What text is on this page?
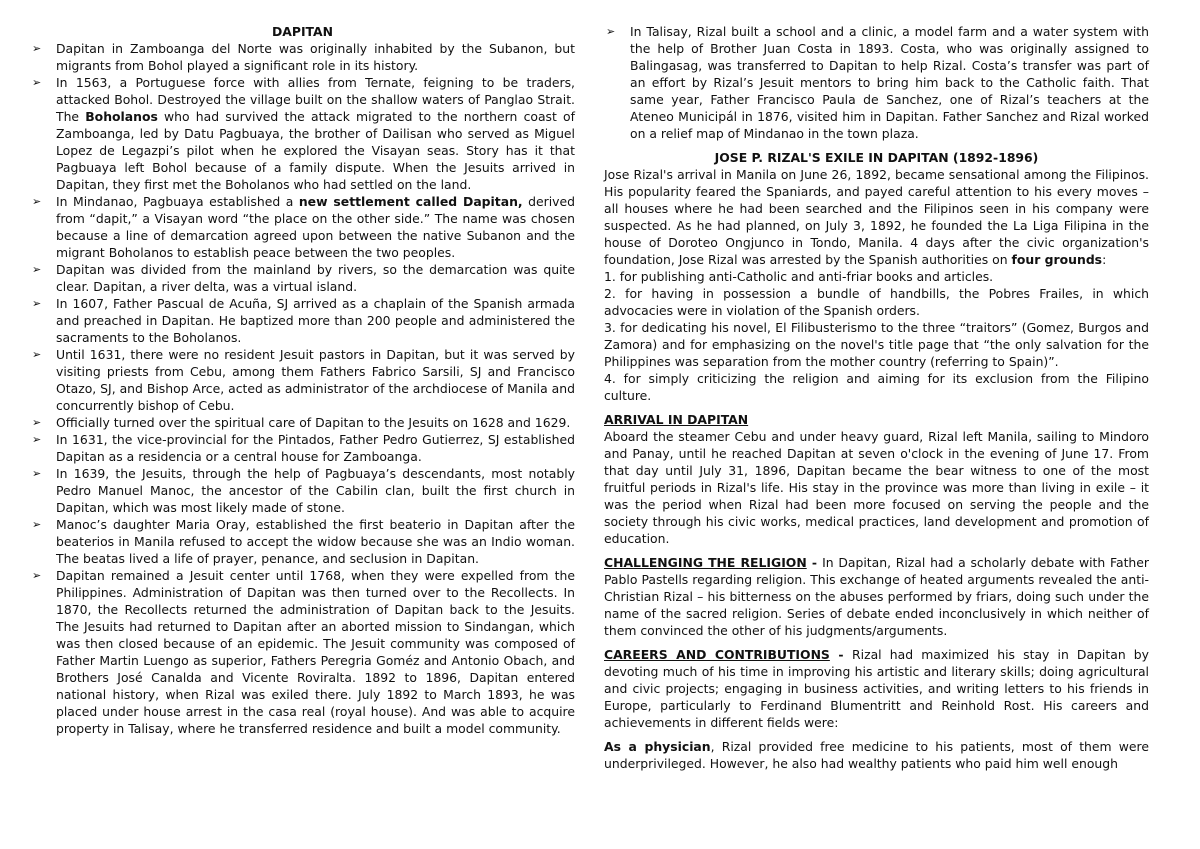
DAPITAN
➢ Dapitan in Zamboanga del Norte was originally inhabited by the Subanon, but migrants from Bohol played a significant role in its history.
➢ In 1563, a Portuguese force with allies from Ternate, feigning to be traders, attacked Bohol. Destroyed the village built on the shallow waters of Panglao Strait. The Boholanos who had survived the attack migrated to the northern coast of Zamboanga, led by Datu Pagbuaya, the brother of Dailisan who served as Miguel Lopez de Legazpi’s pilot when he explored the Visayan seas. Story has it that Pagbuaya left Bohol because of a family dispute. When the Jesuits arrived in Dapitan, they first met the Boholanos who had settled on the land.
➢ In Mindanao, Pagbuaya established a new settlement called Dapitan, derived from “dapit,” a Visayan word “the place on the other side.” The name was chosen because a line of demarcation agreed upon between the native Subanon and the migrant Boholanos to establish peace between the two peoples.
➢ Dapitan was divided from the mainland by rivers, so the demarcation was quite clear. Dapitan, a river delta, was a virtual island.
➢ In 1607, Father Pascual de Acuña, SJ arrived as a chaplain of the Spanish armada and preached in Dapitan. He baptized more than 200 people and administered the sacraments to the Boholanos.
➢ Until 1631, there were no resident Jesuit pastors in Dapitan, but it was served by visiting priests from Cebu, among them Fathers Fabrico Sarsili, SJ and Francisco Otazo, SJ, and Bishop Arce, acted as administrator of the archdiocese of Manila and concurrently bishop of Cebu.
➢ Officially turned over the spiritual care of Dapitan to the Jesuits on 1628 and 1629.
➢ In 1631, the vice-provincial for the Pintados, Father Pedro Gutierrez, SJ established Dapitan as a residencia or a central house for Zamboanga.
➢ In 1639, the Jesuits, through the help of Pagbuaya’s descendants, most notably Pedro Manuel Manoc, the ancestor of the Cabilin clan, built the first church in Dapitan, which was most likely made of stone.
➢ Manoc’s daughter Maria Oray, established the first beaterio in Dapitan after the beaterios in Manila refused to accept the widow because she was an Indio woman. The beatas lived a life of prayer, penance, and seclusion in Dapitan.
➢ Dapitan remained a Jesuit center until 1768, when they were expelled from the Philippines. Administration of Dapitan was then turned over to the Recollects. In 1870, the Recollects returned the administration of Dapitan back to the Jesuits. The Jesuits had returned to Dapitan after an aborted mission to Sindangan, which was then closed because of an epidemic. The Jesuit community was composed of Father Martin Luengo as superior, Fathers Peregria Goméz and Antonio Obach, and Brothers José Canalda and Vicente Roviralta. 1892 to 1896, Dapitan entered national history, when Rizal was exiled there. July 1892 to March 1893, he was placed under house arrest in the casa real (royal house). And was able to acquire property in Talisay, where he transferred residence and built a model community.
➢ In Talisay, Rizal built a school and a clinic, a model farm and a water system with the help of Brother Juan Costa in 1893. Costa, who was originally assigned to Balingasag, was transferred to Dapitan to help Rizal. Costa’s transfer was part of an effort by Rizal’s Jesuit mentors to bring him back to the Catholic faith. That same year, Father Francisco Paula de Sanchez, one of Rizal’s teachers at the Ateneo Municipál in 1876, visited him in Dapitan. Father Sanchez and Rizal worked on a relief map of Mindanao in the town plaza.
JOSE P. RIZAL'S EXILE IN DAPITAN (1892-1896)

Jose Rizal's arrival in Manila on June 26, 1892, became sensational among the Filipinos. His popularity feared the Spaniards, and payed careful attention to his every moves – all houses where he had been searched and the Filipinos seen in his company were suspected. As he had planned, on July 3, 1892, he founded the La Liga Filipina in the house of Doroteo Ongjunco in Tondo, Manila. 4 days after the civic organization's foundation, Jose Rizal was arrested by the Spanish authorities on four grounds:

1. for publishing anti-Catholic and anti-friar books and articles.

2. for having in possession a bundle of handbills, the Pobres Frailes, in which advocacies were in violation of the Spanish orders.

3. for dedicating his novel, El Filibusterismo to the three “traitors” (Gomez, Burgos and Zamora) and for emphasizing on the novel's title page that “the only salvation for the Philippines was separation from the mother country (referring to Spain)”.

4. for simply criticizing the religion and aiming for its exclusion from the Filipino culture.

ARRIVAL IN DAPITAN

Aboard the steamer Cebu and under heavy guard, Rizal left Manila, sailing to Mindoro and Panay, until he reached Dapitan at seven o'clock in the evening of June 17. From that day until July 31, 1896, Dapitan became the bear witness to one of the most fruitful periods in Rizal's life. His stay in the province was more than living in exile – it was the period when Rizal had been more focused on serving the people and the society through his civic works, medical practices, land development and promotion of education.

CHALLENGING THE RELIGION - In Dapitan, Rizal had a scholarly debate with Father Pablo Pastells regarding religion. This exchange of heated arguments revealed the anti-Christian Rizal – his bitterness on the abuses performed by friars, doing such under the name of the sacred religion. Series of debate ended inconclusively in which neither of them convinced the other of his judgments/arguments.

CAREERS AND CONTRIBUTIONS - Rizal had maximized his stay in Dapitan by devoting much of his time in improving his artistic and literary skills; doing agricultural and civic projects; engaging in business activities, and writing letters to his friends in Europe, particularly to Ferdinand Blumentritt and Reinhold Rost. His careers and achievements in different fields were:

As a physician, Rizal provided free medicine to his patients, most of them were underprivileged. However, he also had wealthy patients who paid him well enough
